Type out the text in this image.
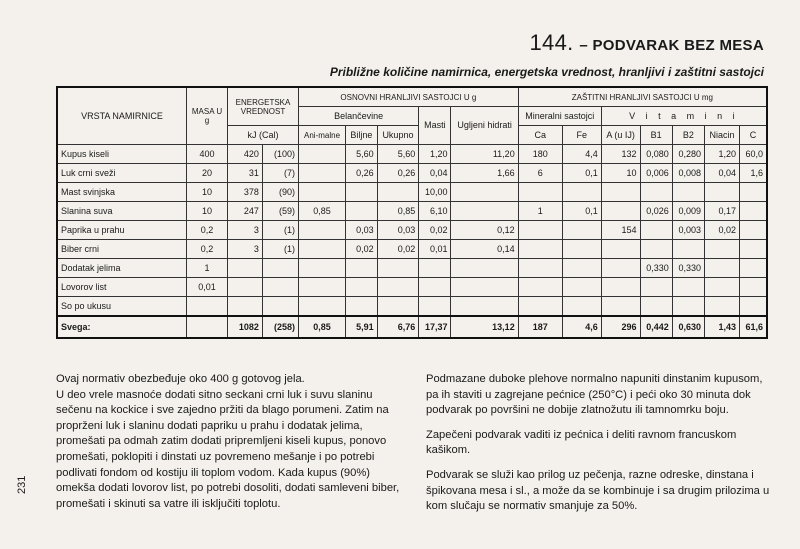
144. – PODVARAK BEZ MESA
Približne količine namirnica, energetska vrednost, hranljivi i zaštitni sastojci
VRSTA NAMIRNICE	MASA U g	ENERGETSKA VREDNOST		OSNOVNI HRANLJIVI SASTOJCI U g					ZAŠTITNI HRANLJIVI SASTOJCI U mg						
				Belančevine			Masti	Ugljeni hidrati	Mineralni sastojci		V i t a m i n i				
		kJ (Cal)		Ani-malne	Biljne	Ukupno			Ca	Fe	A (u IJ)	B1	B2	Niacin	C
Kupus kiseli	400	420	(100)		5,60	5,60	1,20	11,20	180	4,4	132	0,080	0,280	1,20	60,0
Luk crni sveži	20	31	(7)		0,26	0,26	0,04	1,66	6	0,1	10	0,006	0,008	0,04	1,6
Mast svinjska	10	378	(90)				10,00								
Slanina suva	10	247	(59)	0,85		0,85	6,10		1	0,1		0,026	0,009	0,17	
Paprika u prahu	0,2	3	(1)		0,03	0,03	0,02	0,12			154		0,003	0,02	
Biber crni	0,2	3	(1)		0,02	0,02	0,01	0,14							
Dodatak jelima	1											0,330	0,330		
Lovorov list	0,01														
So po ukusu															
Svega:		1082	(258)	0,85	5,91	6,76	17,37	13,12	187	4,6	296	0,442	0,630	1,43	61,6

Ovaj normativ obezbeđuje oko 400 g gotovog jela.

U deo vrele masnoće dodati sitno seckani crni luk i suvu slaninu sečenu na kockice i sve zajedno pržiti da blago porumeni. Zatim na proprženi luk i slaninu dodati papriku u prahu i dodatak jelima, promešati pa odmah zatim dodati pripremljeni kiseli kupus, ponovo promešati, poklopiti i dinstati uz povremeno mešanje i po potrebi podlivati fondom od kostiju ili toplom vodom. Kada kupus (90%) omekša dodati lovorov list, po potrebi dosoliti, dodati samleveni biber, promešati i skinuti sa vatre ili isključiti toplotu.

Podmazane duboke plehove normalno napuniti dinstanim kupusom, pa ih staviti u zagrejane pećnice (250°C) i peći oko 30 minuta dok podvarak po površini ne dobije zlatnožutu ili tamnomrku boju.

Zapečeni podvarak vaditi iz pećnica i deliti ravnom francuskom kašikom.

Podvarak se služi kao prilog uz pečenja, razne odreske, dinstana i špikovana mesa i sl., a može da se kombinuje i sa drugim prilozima u kom slučaju se normativ smanjuje za 50%.

231
